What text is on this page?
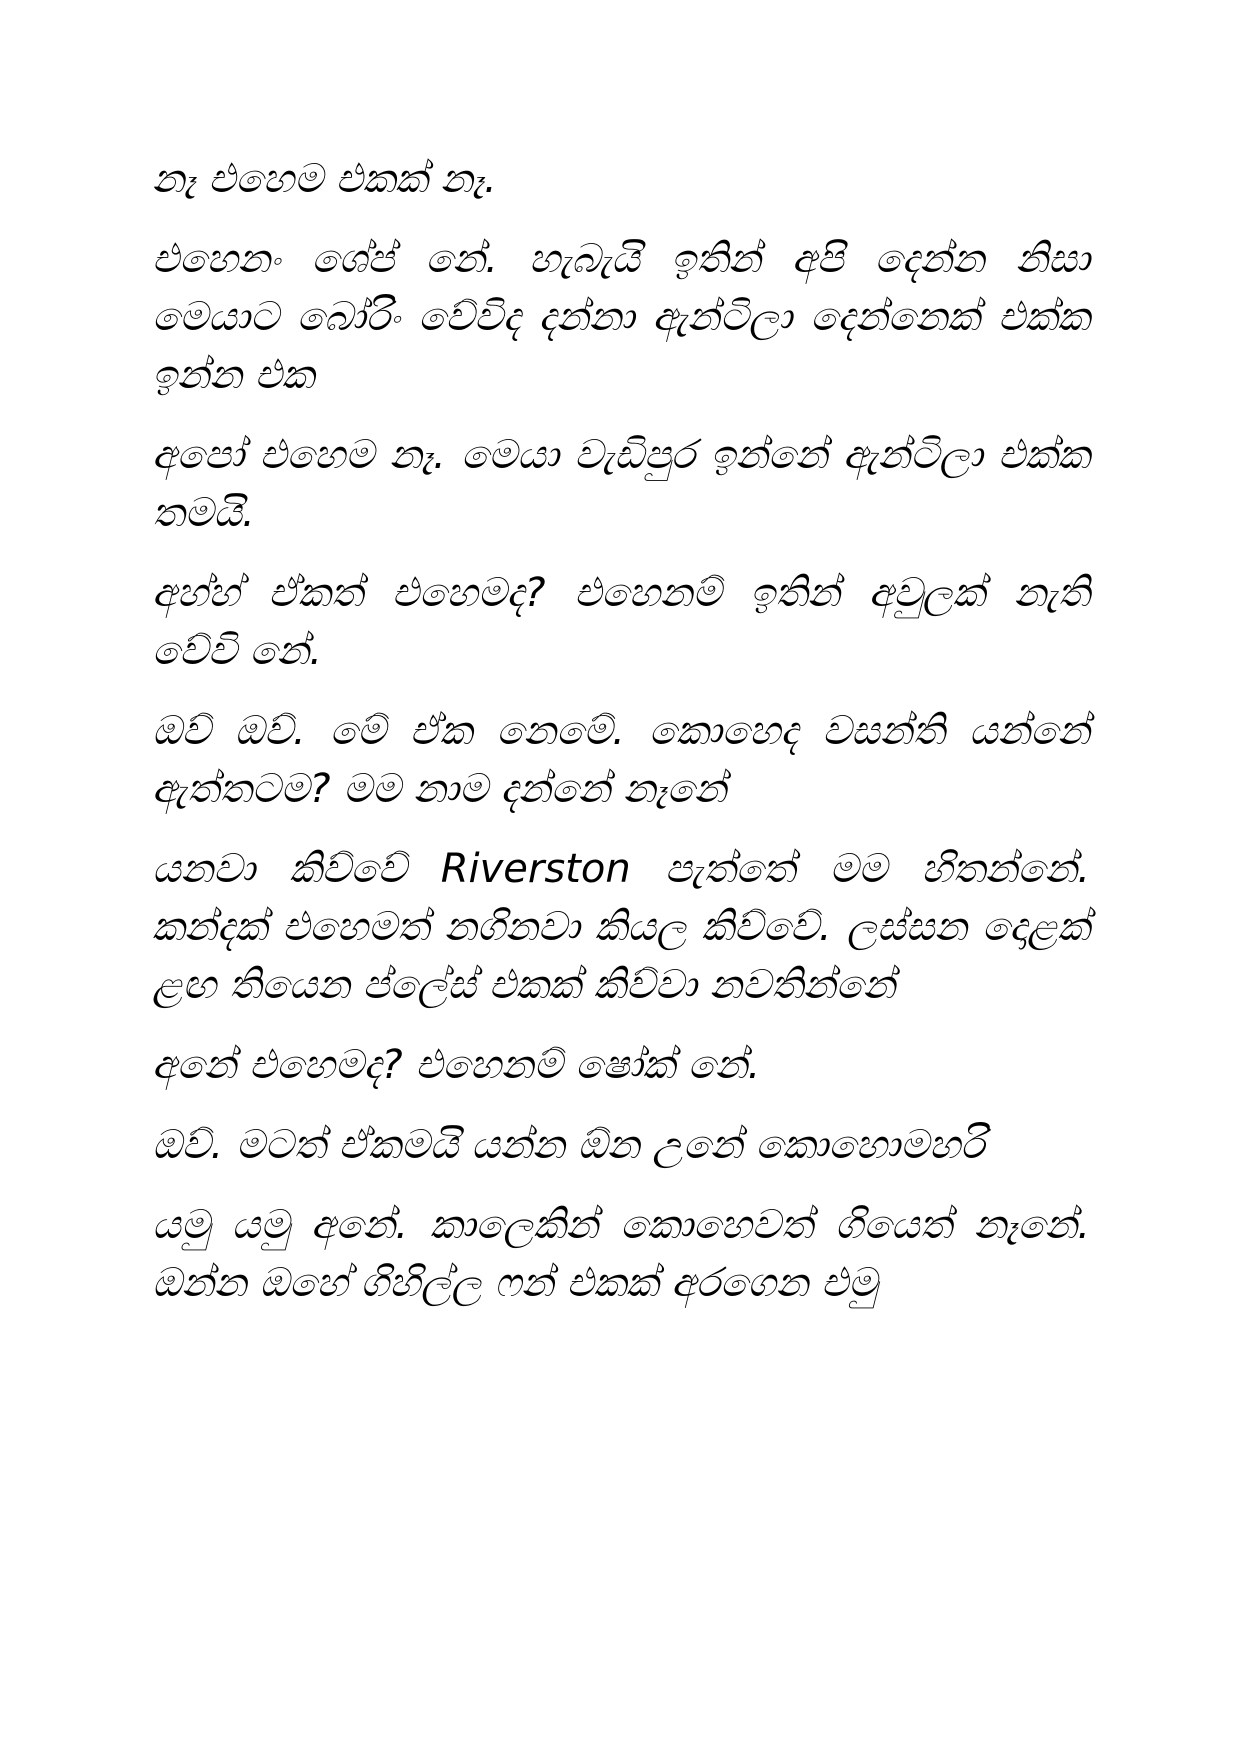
නෑ එහෙම එකක් නෑ.

එහෙනං ශේප් නේ. හැබැයි ඉතින් අපි දෙන්න නිසා මෙයාට බෝරිං වේවිද දන්නා ඇන්ටිලා දෙන්නෙක් එක්ක ඉන්න එක

අපෝ එහෙම නෑ. මෙයා වැඩිපුර ඉන්නේ ඇන්ටිලා එක්ක තමයි.

අහ්හ් ඒකත් එහෙමද? එහෙනම් ඉතින් අවුලක් නැති වේවි නේ.

ඔව් ඔව්. මේ ඒක නෙමේ. කොහෙද වසන්ති යන්නේ ඇත්තටම? මම නාම දන්නේ නෑනේ

යනවා කිව්වේ Riverston පැත්තේ මම හිතන්නේ. කන්දක් එහෙමත් නගිනවා කියල කිව්වේ. ලස්සන දොළක් ළඟ තියෙන ප්ලේස් එකක් කිව්වා නවතින්නේ

අනේ එහෙමද? එහෙනම් ෂෝක් නේ.

ඔව්. මටත් ඒකමයි යන්න ඕන උනේ කොහොමහරි

යමු යමු අනේ. කාලෙකින් කොහෙවත් ගියෙත් නෑනේ. ඔන්න ඔහේ ගිහිල්ල ෆන් එකක් අරගෙන එමු
